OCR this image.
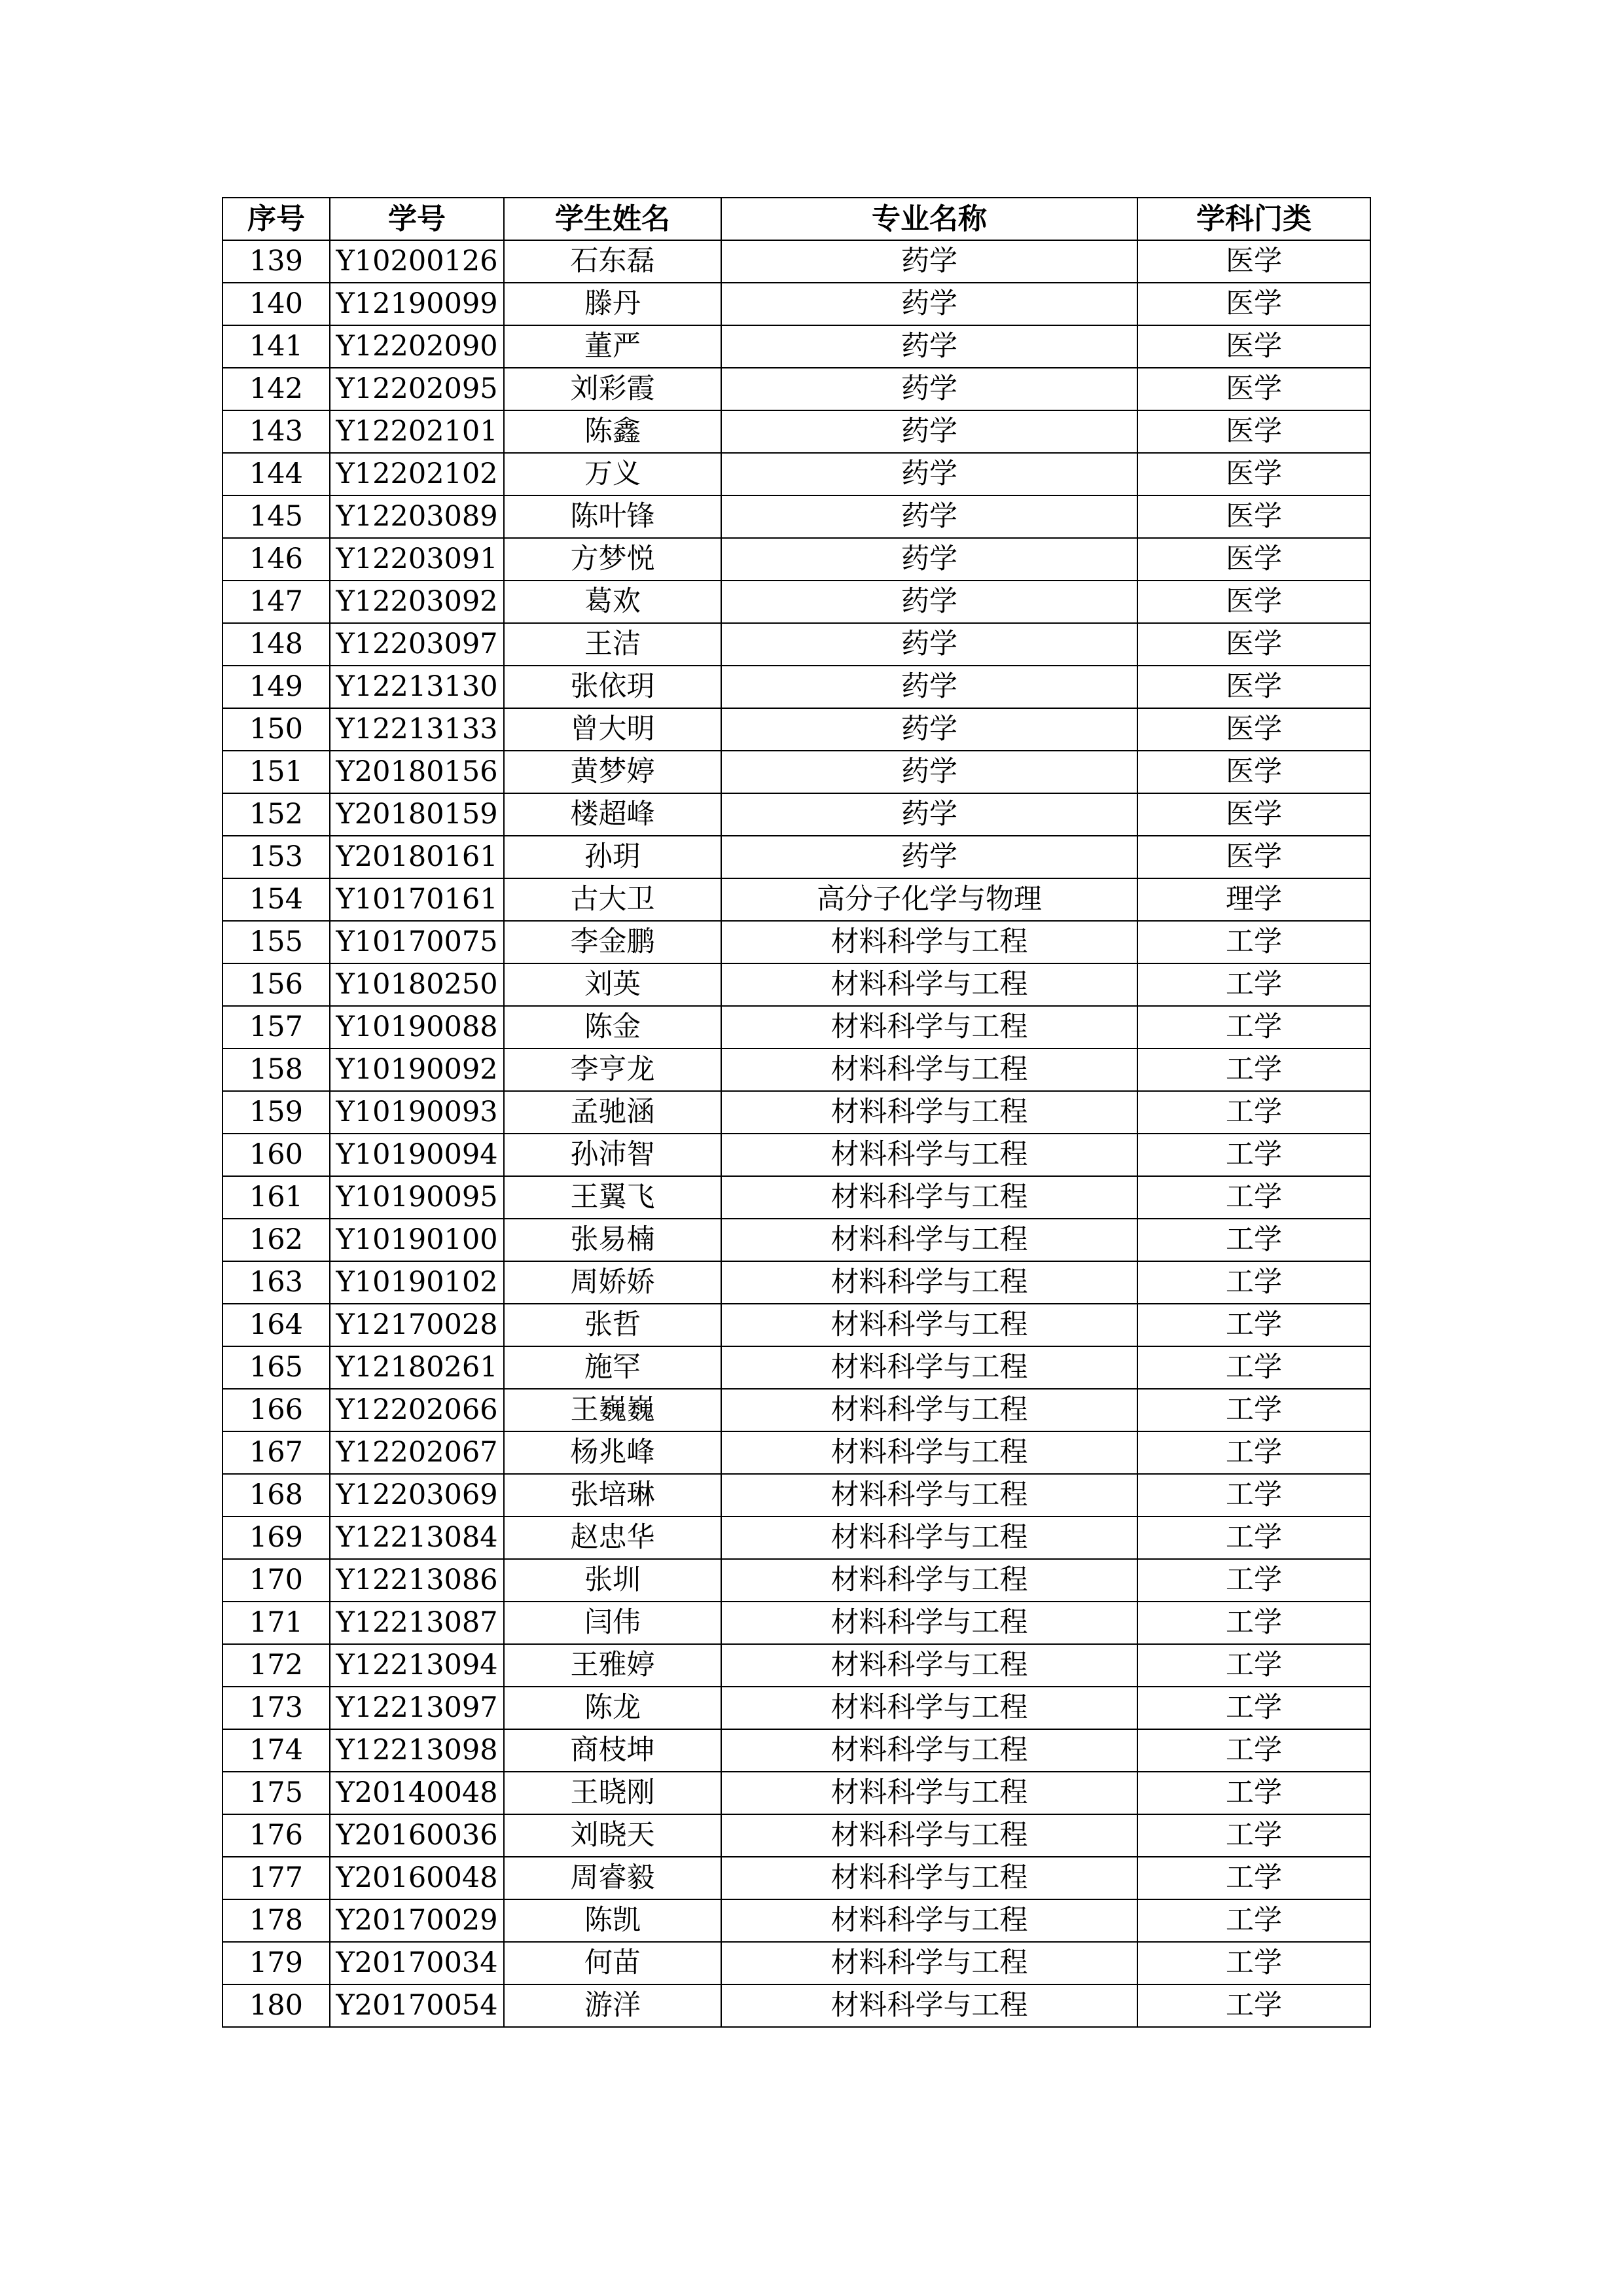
序号	学号	学生姓名	专业名称	学科门类
139	Y10200126	石东磊	药学	医学
140	Y12190099	滕丹	药学	医学
141	Y12202090	董严	药学	医学
142	Y12202095	刘彩霞	药学	医学
143	Y12202101	陈鑫	药学	医学
144	Y12202102	万义	药学	医学
145	Y12203089	陈叶锋	药学	医学
146	Y12203091	方梦悦	药学	医学
147	Y12203092	葛欢	药学	医学
148	Y12203097	王洁	药学	医学
149	Y12213130	张依玥	药学	医学
150	Y12213133	曾大明	药学	医学
151	Y20180156	黄梦婷	药学	医学
152	Y20180159	楼超峰	药学	医学
153	Y20180161	孙玥	药学	医学
154	Y10170161	古大卫	高分子化学与物理	理学
155	Y10170075	李金鹏	材料科学与工程	工学
156	Y10180250	刘英	材料科学与工程	工学
157	Y10190088	陈金	材料科学与工程	工学
158	Y10190092	李亨龙	材料科学与工程	工学
159	Y10190093	孟驰涵	材料科学与工程	工学
160	Y10190094	孙沛智	材料科学与工程	工学
161	Y10190095	王翼飞	材料科学与工程	工学
162	Y10190100	张易楠	材料科学与工程	工学
163	Y10190102	周娇娇	材料科学与工程	工学
164	Y12170028	张哲	材料科学与工程	工学
165	Y12180261	施罕	材料科学与工程	工学
166	Y12202066	王巍巍	材料科学与工程	工学
167	Y12202067	杨兆峰	材料科学与工程	工学
168	Y12203069	张培琳	材料科学与工程	工学
169	Y12213084	赵忠华	材料科学与工程	工学
170	Y12213086	张圳	材料科学与工程	工学
171	Y12213087	闫伟	材料科学与工程	工学
172	Y12213094	王雅婷	材料科学与工程	工学
173	Y12213097	陈龙	材料科学与工程	工学
174	Y12213098	商枝坤	材料科学与工程	工学
175	Y20140048	王晓刚	材料科学与工程	工学
176	Y20160036	刘晓天	材料科学与工程	工学
177	Y20160048	周睿毅	材料科学与工程	工学
178	Y20170029	陈凯	材料科学与工程	工学
179	Y20170034	何苗	材料科学与工程	工学
180	Y20170054	游洋	材料科学与工程	工学
